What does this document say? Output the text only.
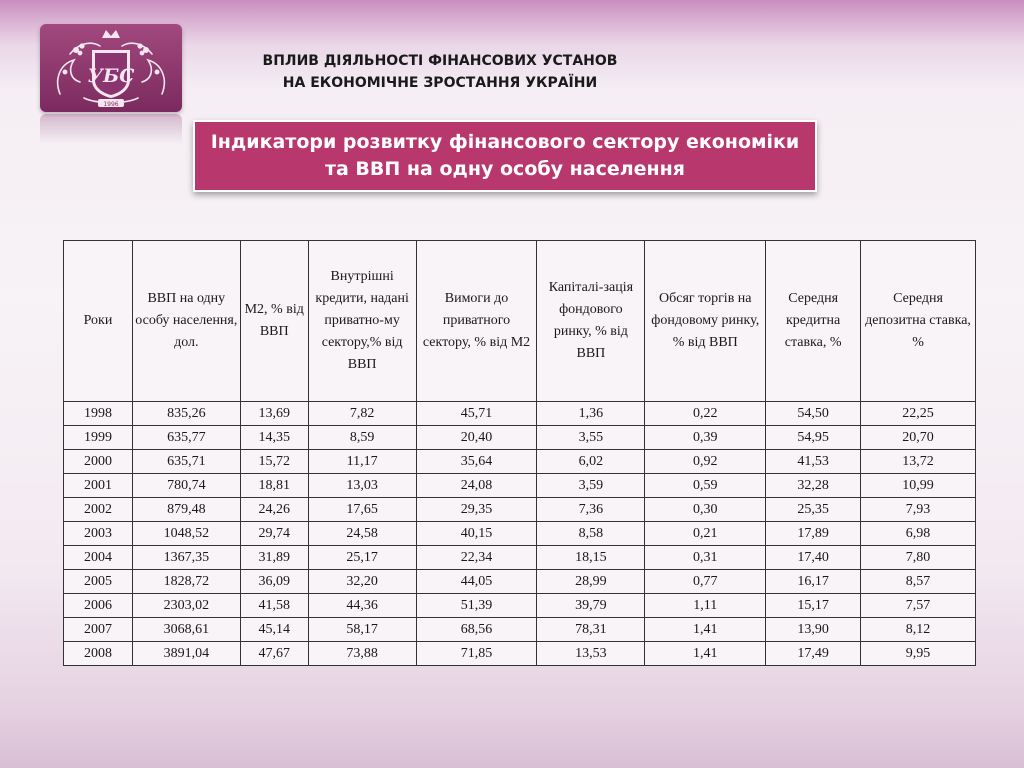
УБС
1996
ВПЛИВ ДІЯЛЬНОСТІ ФІНАНСОВИХ УСТАНОВ
НА ЕКОНОМІЧНЕ ЗРОСТАННЯ УКРАЇНИ
Індикатори розвитку фінансового сектору економіки
та ВВП на одну особу населення
Роки	ВВП на одну особу населення, дол.	М2, % від ВВП	Внутрішні кредити, надані приватно-му сектору,% від ВВП	Вимоги до приватного сектору, % від М2	Капіталі-зація фондового ринку, % від ВВП	Обсяг торгів на фондовому ринку, % від ВВП	Середня кредитна ставка, %	Середня депозитна ставка, %
1998	835,26	13,69	7,82	45,71	1,36	0,22	54,50	22,25
1999	635,77	14,35	8,59	20,40	3,55	0,39	54,95	20,70
2000	635,71	15,72	11,17	35,64	6,02	0,92	41,53	13,72
2001	780,74	18,81	13,03	24,08	3,59	0,59	32,28	10,99
2002	879,48	24,26	17,65	29,35	7,36	0,30	25,35	7,93
2003	1048,52	29,74	24,58	40,15	8,58	0,21	17,89	6,98
2004	1367,35	31,89	25,17	22,34	18,15	0,31	17,40	7,80
2005	1828,72	36,09	32,20	44,05	28,99	0,77	16,17	8,57
2006	2303,02	41,58	44,36	51,39	39,79	1,11	15,17	7,57
2007	3068,61	45,14	58,17	68,56	78,31	1,41	13,90	8,12
2008	3891,04	47,67	73,88	71,85	13,53	1,41	17,49	9,95
